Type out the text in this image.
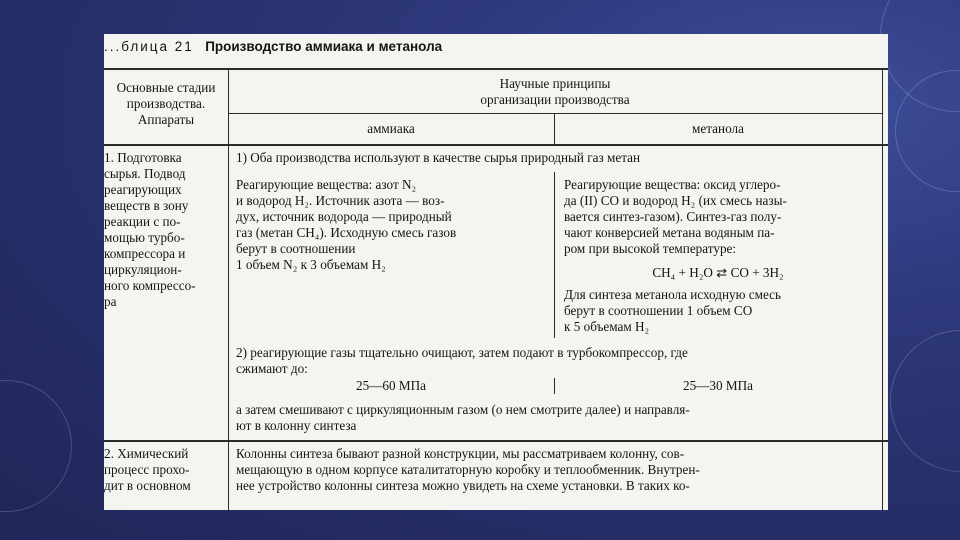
...блица 21 Производство аммиака и метанола
Основные стадии
производства.
Аппараты
Научные принципы
организации производства
аммиака	метанола
1. Подготовка
сырья. Подвод
реагирующих
веществ в зону
реакции с по-
мощью турбо-
компрессора и
циркуляцион-
ного компрессо-
ра
1) Оба производства используют в качестве сырья природный газ метан
Реагирующие вещества: азот N₂
и водород H₂. Источник азота — воз-
дух, источник водорода — природный
газ (метан CH₄). Исходную смесь газов
берут в соотношении
1 объем N₂ к 3 объемам H₂
Реагирующие вещества: оксид углеро-
да (II) CO и водород H₂ (их смесь назы-
вается синтез-газом). Синтез-газ полу-
чают конверсией метана водяным па-
ром при высокой температуре:
CH₄ + H₂O ⇄ CO + 3H₂
Для синтеза метанола исходную смесь
берут в соотношении 1 объем CO
к 5 объемам H₂
2) реагирующие газы тщательно очищают, затем подают в турбокомпрессор, где
сжимают до:
25—60 МПа	25—30 МПа
а затем смешивают с циркуляционным газом (о нем смотрите далее) и направля-
ют в колонну синтеза
2. Химический
процесс прохо-
дит в основном
Колонны синтеза бывают разной конструкции, мы рассматриваем колонну, сов-
мещающую в одном корпусе каталитаторную коробку и теплообменник. Внутрен-
нее устройство колонны синтеза можно увидеть на схеме установки. В таких ко-
